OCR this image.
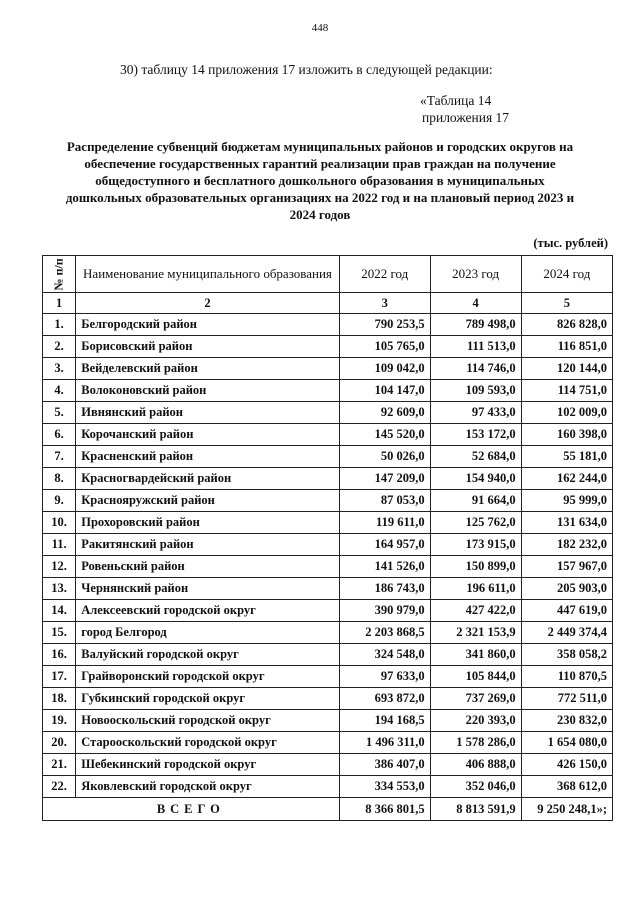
448
30) таблицу 14 приложения 17 изложить в следующей редакции:
«Таблица 14
приложения 17
Распределение субвенций бюджетам муниципальных районов и городских округов на обеспечение государственных гарантий реализации прав граждан на получение общедоступного и бесплатного дошкольного образования в муниципальных дошкольных образовательных организациях на 2022 год и на плановый период 2023 и 2024 годов
(тыс. рублей)
№ п/п	Наименование муниципального образования	2022 год	2023 год	2024 год
1	2	3	4	5
1.	Белгородский район	790 253,5	789 498,0	826 828,0
2.	Борисовский район	105 765,0	111 513,0	116 851,0
3.	Вейделевский район	109 042,0	114 746,0	120 144,0
4.	Волоконовский район	104 147,0	109 593,0	114 751,0
5.	Ивнянский район	92 609,0	97 433,0	102 009,0
6.	Корочанский район	145 520,0	153 172,0	160 398,0
7.	Красненский район	50 026,0	52 684,0	55 181,0
8.	Красногвардейский район	147 209,0	154 940,0	162 244,0
9.	Краснояружский район	87 053,0	91 664,0	95 999,0
10.	Прохоровский район	119 611,0	125 762,0	131 634,0
11.	Ракитянский район	164 957,0	173 915,0	182 232,0
12.	Ровеньский район	141 526,0	150 899,0	157 967,0
13.	Чернянский район	186 743,0	196 611,0	205 903,0
14.	Алексеевский городской округ	390 979,0	427 422,0	447 619,0
15.	город Белгород	2 203 868,5	2 321 153,9	2 449 374,4
16.	Валуйский городской округ	324 548,0	341 860,0	358 058,2
17.	Грайворонский городской округ	97 633,0	105 844,0	110 870,5
18.	Губкинский городской округ	693 872,0	737 269,0	772 511,0
19.	Новооскольский городской округ	194 168,5	220 393,0	230 832,0
20.	Старооскольский городской округ	1 496 311,0	1 578 286,0	1 654 080,0
21.	Шебекинский городской округ	386 407,0	406 888,0	426 150,0
22.	Яковлевский городской округ	334 553,0	352 046,0	368 612,0
ВСЕГО		8 366 801,5	8 813 591,9	9 250 248,1»;
